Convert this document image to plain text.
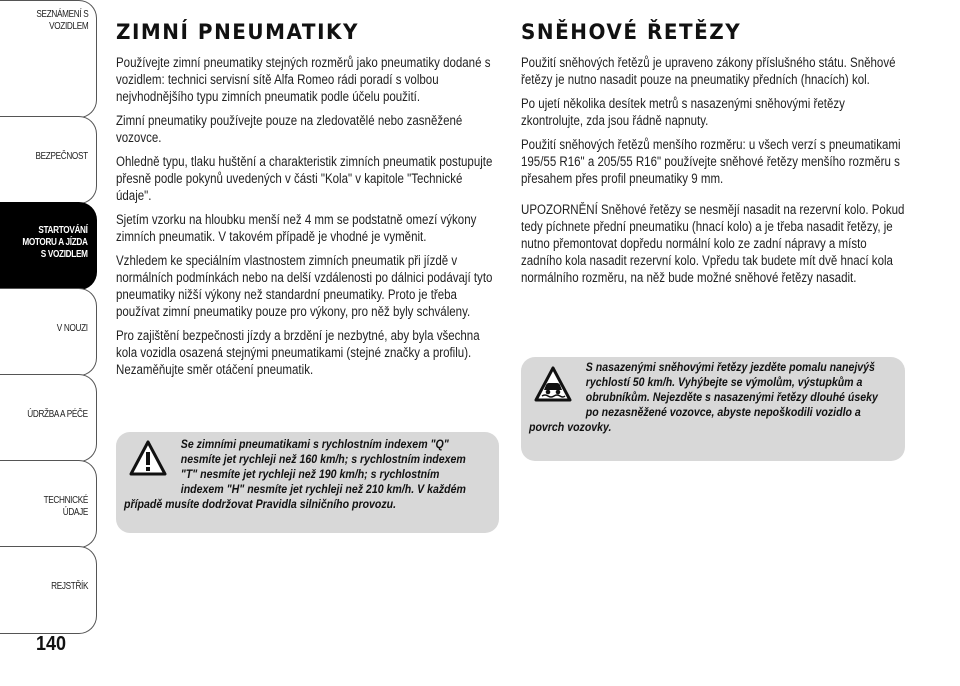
SEZNÁMENÍ S
VOZIDLEM
BEZPEČNOST
STARTOVÁNÍ
MOTORU A JÍZDA
S VOZIDLEM
V NOUZI
ÚDRŽBA A PÉČE
TECHNICKÉ ÚDAJE
REJSTŘÍK
140
ZIMNÍ PNEUMATIKY

Používejte zimní pneumatiky stejných rozměrů jako pneumatiky dodané s vozidlem: technici servisní sítě Alfa Romeo rádi poradí s volbou nejvhodnějšího typu zimních pneumatik podle účelu použití.

Zimní pneumatiky používejte pouze na zledovatělé nebo zasněžené vozovce.

Ohledně typu, tlaku huštění a charakteristik zimních pneumatik postupujte přesně podle pokynů uvedených v části "Kola" v kapitole "Technické údaje".

Sjetím vzorku na hloubku menší než 4 mm se podstatně omezí výkony zimních pneumatik. V takovém případě je vhodné je vyměnit.

Vzhledem ke speciálním vlastnostem zimních pneumatik při jízdě v normálních podmínkách nebo na delší vzdálenosti po dálnici podávají tyto pneumatiky nižší výkony než standardní pneumatiky. Proto je třeba používat zimní pneumatiky pouze pro výkony, pro něž byly schváleny.

Pro zajištění bezpečnosti jízdy a brzdění je nezbytné, aby byla všechna kola vozidla osazená stejnými pneumatikami (stejné značky a profilu). Nezaměňujte směr otáčení pneumatik.

Se zimními pneumatikami s rychlostním indexem "Q" nesmíte jet rychleji než 160 km/h; s rychlostním indexem "T" nesmíte jet rychleji než 190 km/h; s rychlostním indexem "H" nesmíte jet rychleji než 210 km/h. V každém případě musíte dodržovat Pravidla silničního provozu.
SNĚHOVÉ ŘETĚZY

Použití sněhových řetězů je upraveno zákony příslušného státu. Sněhové řetězy je nutno nasadit pouze na pneumatiky předních (hnacích) kol.

Po ujetí několika desítek metrů s nasazenými sněhovými řetězy zkontrolujte, zda jsou řádně napnuty.

Použití sněhových řetězů menšího rozměru: u všech verzí s pneumatikami 195/55 R16" a 205/55 R16" používejte sněhové řetězy menšího rozměru s přesahem přes profil pneumatiky 9 mm.

UPOZORNĚNÍ Sněhové řetězy se nesmějí nasadit na rezervní kolo. Pokud tedy píchnete přední pneumatiku (hnací kolo) a je třeba nasadit řetězy, je nutno přemontovat dopředu normální kolo ze zadní nápravy a místo zadního kola nasadit rezervní kolo. Vpředu tak budete mít dvě hnací kola normálního rozměru, na něž bude možné sněhové řetězy nasadit.

S nasazenými sněhovými řetězy jezděte pomalu nanejvýš rychlostí 50 km/h. Vyhýbejte se výmolům, výstupkům a obrubníkům. Nejezděte s nasazenými řetězy dlouhé úseky po nezasněžené vozovce, abyste nepoškodili vozidlo a povrch vozovky.
